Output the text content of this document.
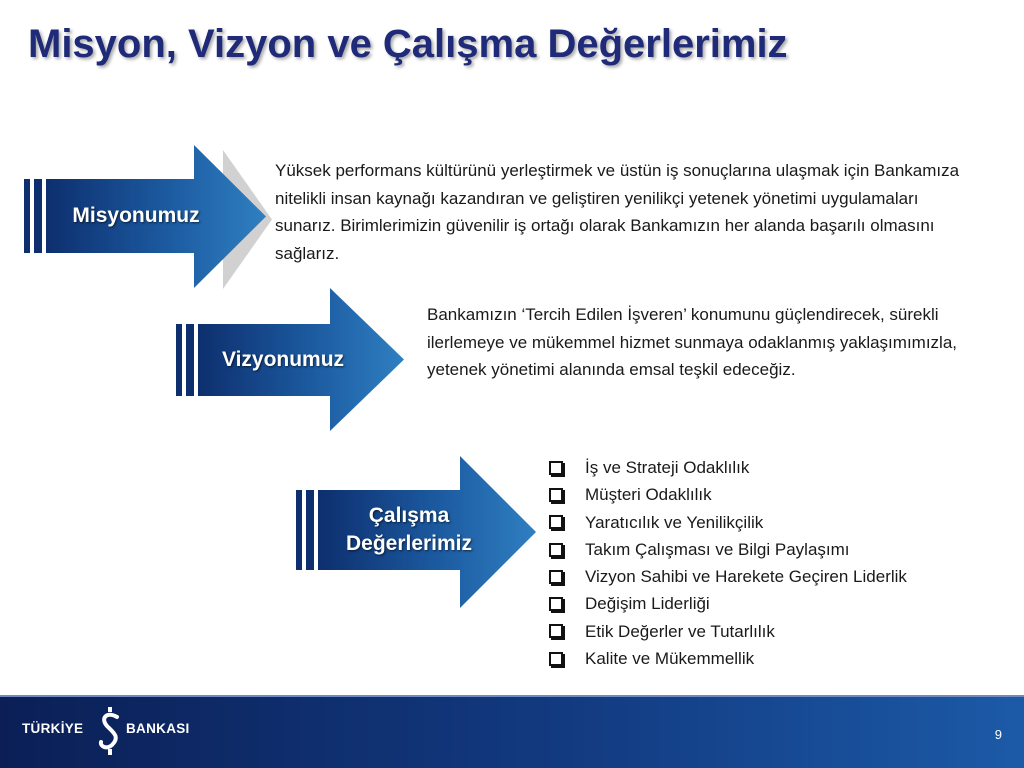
Misyon, Vizyon ve Çalışma Değerlerimiz
Misyonumuz

Yüksek performans kültürünü yerleştirmek ve üstün iş sonuçlarına ulaşmak için Bankamıza nitelikli insan kaynağı kazandıran ve geliştiren yenilikçi yetenek yönetimi uygulamaları sunarız. Birimlerimizin güvenilir iş ortağı olarak Bankamızın her alanda başarılı olmasını sağlarız.

Vizyonumuz

Bankamızın ‘Tercih Edilen İşveren’ konumunu güçlendirecek, sürekli ilerlemeye ve mükemmel hizmet sunmaya odaklanmış yaklaşımımızla, yetenek yönetimi alanında emsal teşkil edeceğiz.

Çalışma
Değerlerimiz
İş ve Strateji Odaklılık
Müşteri Odaklılık
Yaratıcılık ve Yenilikçilik
Takım Çalışması ve Bilgi Paylaşımı
Vizyon Sahibi ve Harekete Geçiren Liderlik
Değişim Liderliği
Etik Değerler ve Tutarlılık
Kalite ve Mükemmellik
TÜRKİYE	BANKASI	9
